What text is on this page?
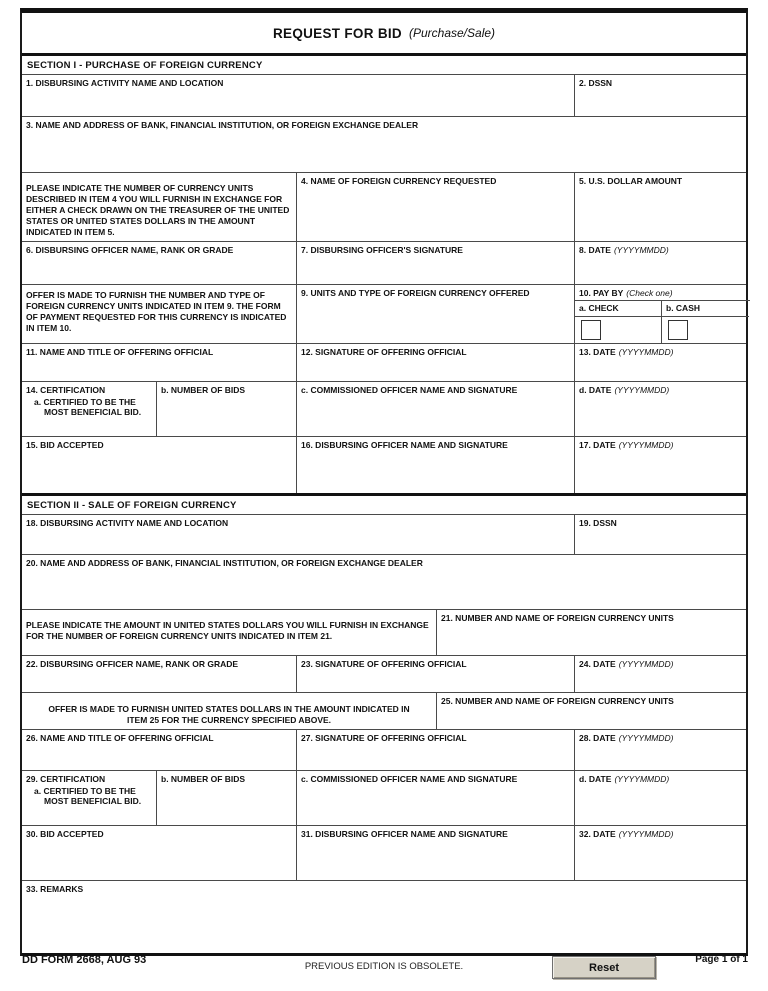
REQUEST FOR BID (Purchase/Sale)
SECTION I - PURCHASE OF FOREIGN CURRENCY
1. DISBURSING ACTIVITY NAME AND LOCATION	2. DSSN
3. NAME AND ADDRESS OF BANK, FINANCIAL INSTITUTION, OR FOREIGN EXCHANGE DEALER
PLEASE INDICATE THE NUMBER OF CURRENCY UNITS DESCRIBED IN ITEM 4 YOU WILL FURNISH IN EXCHANGE FOR EITHER A CHECK DRAWN ON THE TREASURER OF THE UNITED STATES OR UNITED STATES DOLLARS IN THE AMOUNT INDICATED IN ITEM 5.
4. NAME OF FOREIGN CURRENCY REQUESTED	5. U.S. DOLLAR AMOUNT
6. DISBURSING OFFICER NAME, RANK OR GRADE	7. DISBURSING OFFICER'S SIGNATURE	8. DATE (YYYYMMDD)
OFFER IS MADE TO FURNISH THE NUMBER AND TYPE OF FOREIGN CURRENCY UNITS INDICATED IN ITEM 9. THE FORM OF PAYMENT REQUESTED FOR THIS CURRENCY IS INDICATED IN ITEM 10.
9. UNITS AND TYPE OF FOREIGN CURRENCY OFFERED	10. PAY BY (Check one)
a. CHECK	b. CASH
11. NAME AND TITLE OF OFFERING OFFICIAL	12. SIGNATURE OF OFFERING OFFICIAL	13. DATE (YYYYMMDD)
14. CERTIFICATION
a. CERTIFIED TO BE THE MOST BENEFICIAL BID.
b. NUMBER OF BIDS	c. COMMISSIONED OFFICER NAME AND SIGNATURE	d. DATE (YYYYMMDD)
15. BID ACCEPTED	16. DISBURSING OFFICER NAME AND SIGNATURE	17. DATE (YYYYMMDD)
SECTION II - SALE OF FOREIGN CURRENCY
18. DISBURSING ACTIVITY NAME AND LOCATION	19. DSSN
20. NAME AND ADDRESS OF BANK, FINANCIAL INSTITUTION, OR FOREIGN EXCHANGE DEALER
PLEASE INDICATE THE AMOUNT IN UNITED STATES DOLLARS YOU WILL FURNISH IN EXCHANGE FOR THE NUMBER OF FOREIGN CURRENCY UNITS INDICATED IN ITEM 21.
21. NUMBER AND NAME OF FOREIGN CURRENCY UNITS
22. DISBURSING OFFICER NAME, RANK OR GRADE	23. SIGNATURE OF OFFERING OFFICIAL	24. DATE (YYYYMMDD)
OFFER IS MADE TO FURNISH UNITED STATES DOLLARS IN THE AMOUNT INDICATED IN ITEM 25 FOR THE CURRENCY SPECIFIED ABOVE.
25. NUMBER AND NAME OF FOREIGN CURRENCY UNITS
26. NAME AND TITLE OF OFFERING OFFICIAL	27. SIGNATURE OF OFFERING OFFICIAL	28. DATE (YYYYMMDD)
29. CERTIFICATION
a. CERTIFIED TO BE THE MOST BENEFICIAL BID.
b. NUMBER OF BIDS	c. COMMISSIONED OFFICER NAME AND SIGNATURE	d. DATE (YYYYMMDD)
30. BID ACCEPTED	31. DISBURSING OFFICER NAME AND SIGNATURE	32. DATE (YYYYMMDD)
33. REMARKS
DD FORM 2668, AUG 93
PREVIOUS EDITION IS OBSOLETE.	Reset
Page 1 of 1
